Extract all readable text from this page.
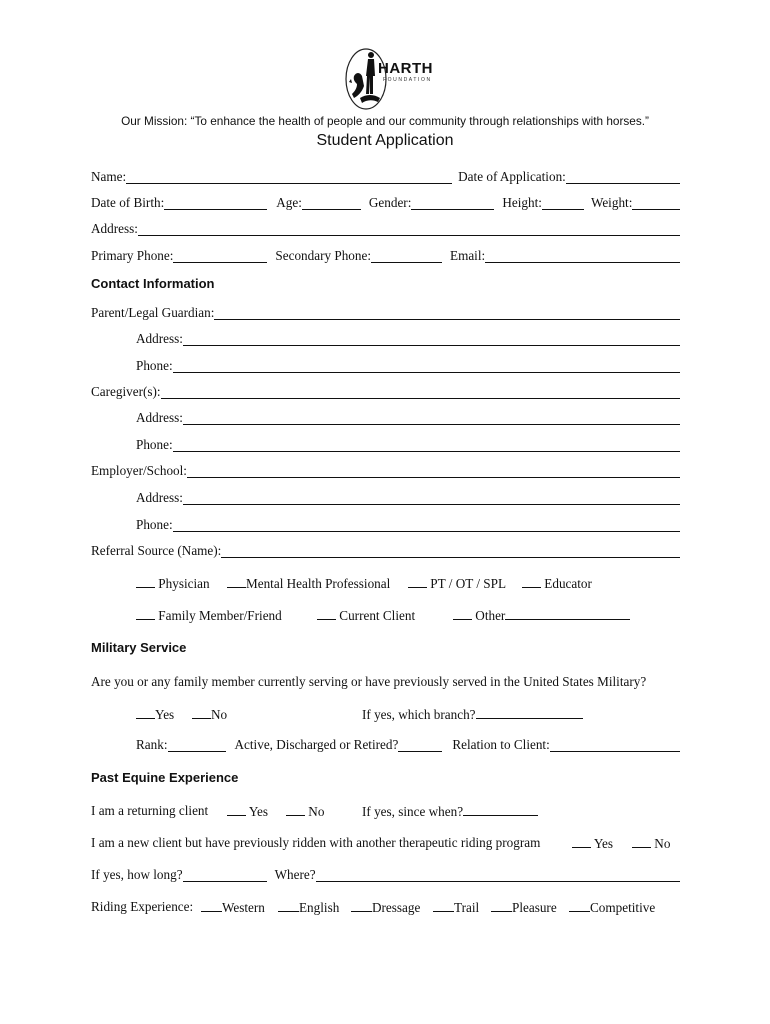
HARTH
FOUNDATION
Our Mission: “To enhance the health of people and our community through relationships with horses.”
Student Application
Name:	Date of Application:
Date of Birth:	Age:	Gender:	Height:	Weight:
Address:
Primary Phone:	Secondary Phone:	Email:
Contact Information
Parent/Legal Guardian:
Address:
Phone:
Caregiver(s):
Address:
Phone:
Employer/School:
Address:
Phone:
Referral Source (Name):
Physician	Mental Health Professional	PT / OT / SPL	Educator
Family Member/Friend	Current Client	Other
Military Service
Are you or any family member currently serving or have previously served in the United States Military?
Yes	No	If yes, which branch?
Rank:	Active, Discharged or Retired?	Relation to Client:
Past Equine Experience
I am a returning client	Yes	No	If yes, since when?
I am a new client but have previously ridden with another therapeutic riding program	Yes	No
If yes, how long?	Where?
Riding Experience:	Western	English	Dressage	Trail	Pleasure	Competitive
